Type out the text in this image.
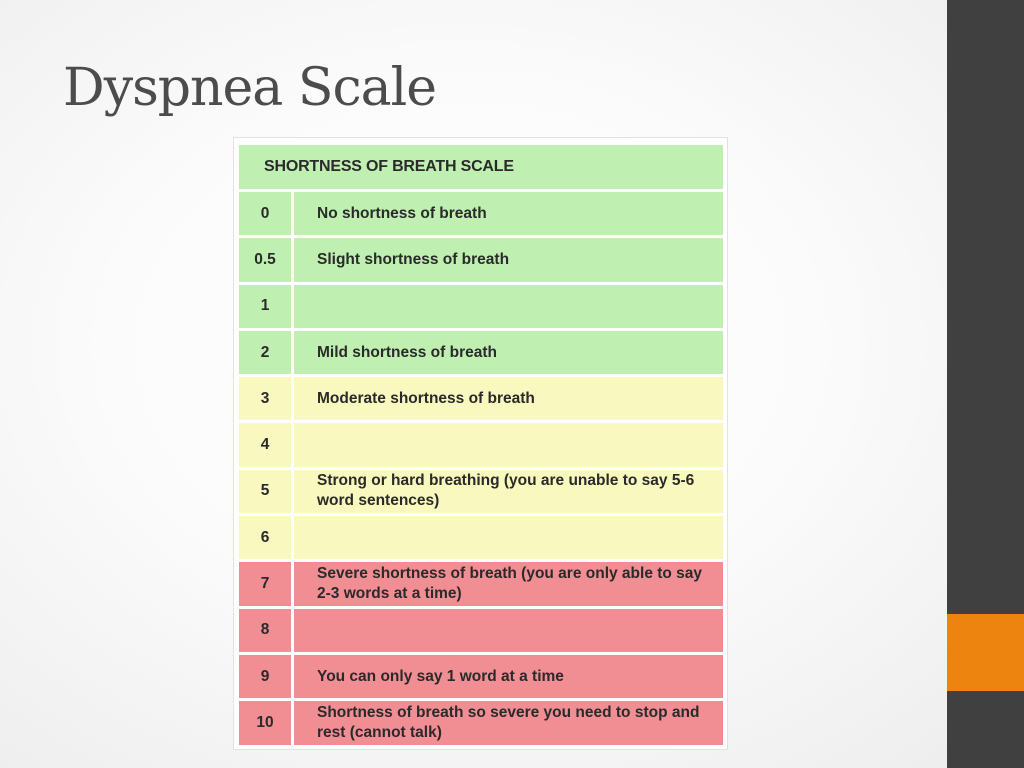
Dyspnea Scale
SHORTNESS OF BREATH SCALE	
0	No shortness of breath
0.5	Slight shortness of breath
1	
2	Mild shortness of breath
3	Moderate shortness of breath
4	
5	Strong or hard breathing (you are unable to say 5-6 word sentences)
6	
7	Severe shortness of breath (you are only able to say 2-3 words at a time)
8	
9	You can only say 1 word at a time
10	Shortness of breath so severe you need to stop and rest (cannot talk)
